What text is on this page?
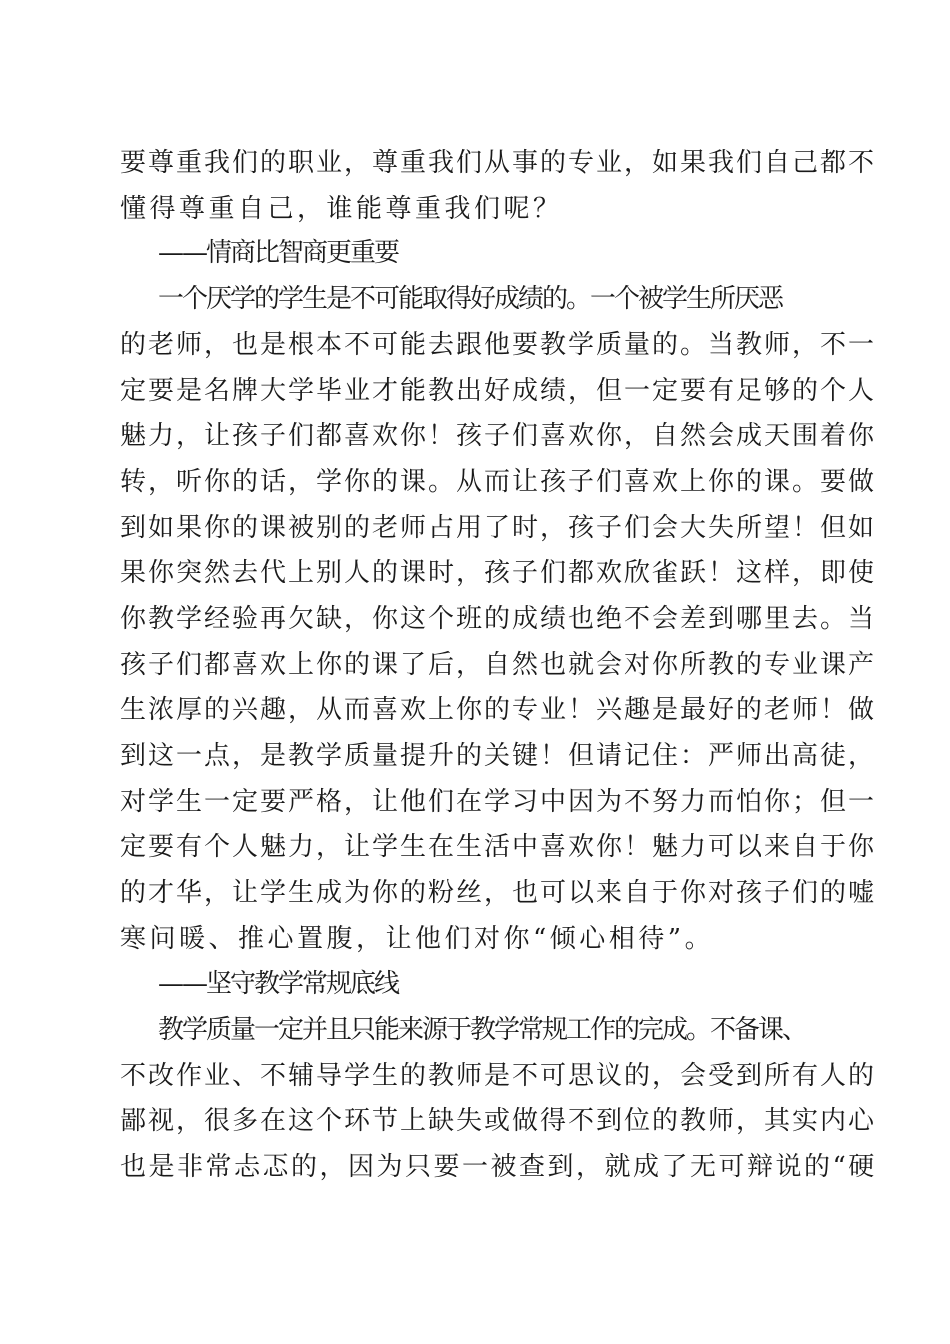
要尊重我们的职业，尊重我们从事的专业，如果我们自己都不
懂得尊重自己，谁能尊重我们呢？
——情商比智商更重要
一个厌学的学生是不可能取得好成绩的。一个被学生所厌恶
的老师，也是根本不可能去跟他要教学质量的。当教师，不一
定要是名牌大学毕业才能教出好成绩，但一定要有足够的个人
魅力，让孩子们都喜欢你！孩子们喜欢你，自然会成天围着你
转，听你的话，学你的课。从而让孩子们喜欢上你的课。要做
到如果你的课被别的老师占用了时，孩子们会大失所望！但如
果你突然去代上别人的课时，孩子们都欢欣雀跃！这样，即使
你教学经验再欠缺，你这个班的成绩也绝不会差到哪里去。当
孩子们都喜欢上你的课了后，自然也就会对你所教的专业课产
生浓厚的兴趣，从而喜欢上你的专业！兴趣是最好的老师！做
到这一点，是教学质量提升的关键！但请记住：严师出高徒，
对学生一定要严格，让他们在学习中因为不努力而怕你；但一
定要有个人魅力，让学生在生活中喜欢你！魅力可以来自于你
的才华，让学生成为你的粉丝，也可以来自于你对孩子们的嘘
寒问暖、推心置腹，让他们对你“倾心相待”。
——坚守教学常规底线
教学质量一定并且只能来源于教学常规工作的完成。不备课、
不改作业、不辅导学生的教师是不可思议的，会受到所有人的
鄙视，很多在这个环节上缺失或做得不到位的教师，其实内心
也是非常忐忑的，因为只要一被查到，就成了无可辩说的“硬
